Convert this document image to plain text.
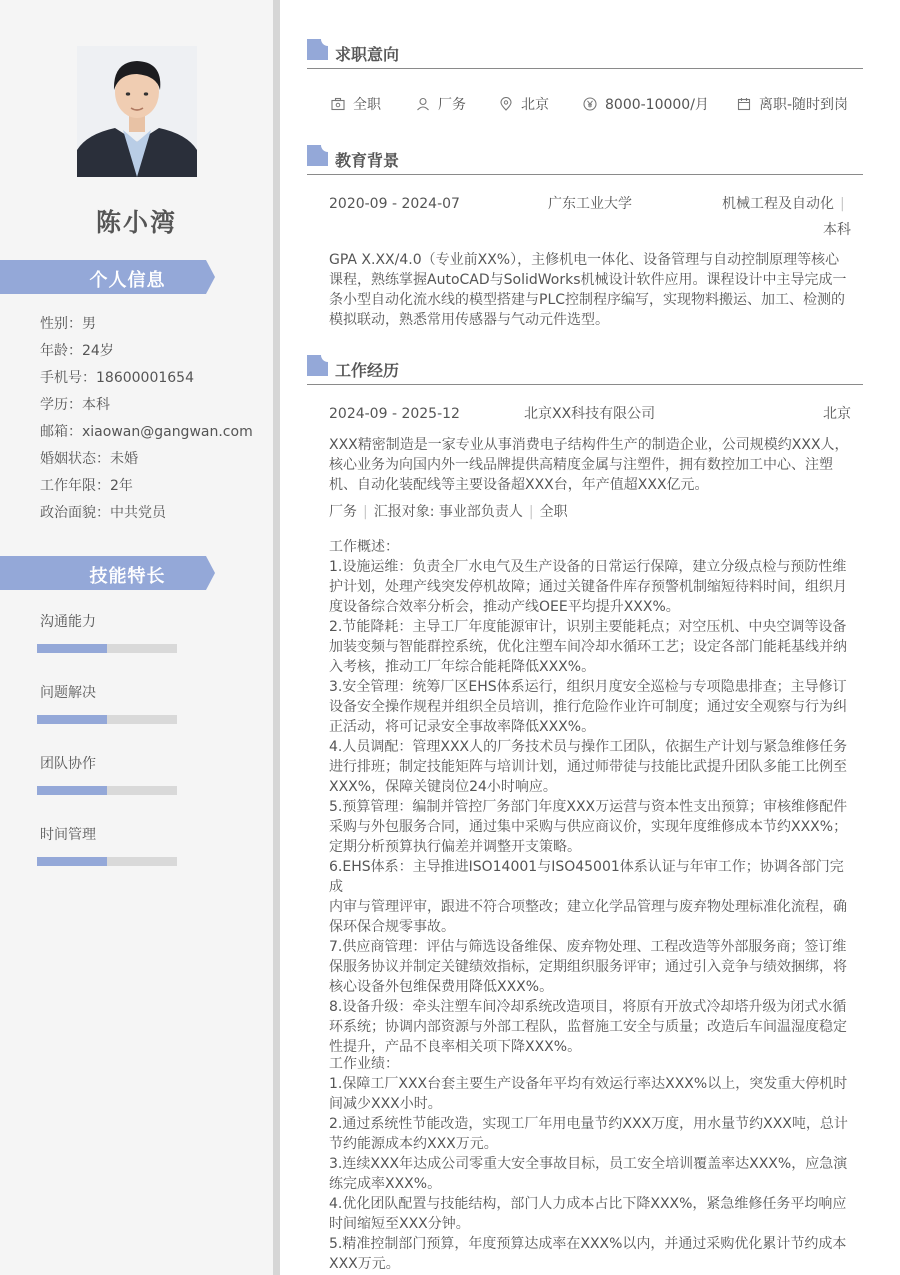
陈小湾
个人信息
性别：男
年龄：24岁
手机号：18600001654
学历：本科
邮箱：xiaowan@gangwan.com
婚姻状态：未婚
工作年限：2年
政治面貌：中共党员
技能特长
沟通能力
问题解决
团队协作
时间管理
求职意向
全职	厂务	北京	8000-10000/月	离职-随时到岗
教育背景
2020-09 - 2024-07	广东工业大学	机械工程及自动化 |
本科
GPA X.XX/4.0（专业前XX%），主修机电一体化、设备管理与自动控制原理等核心
课程，熟练掌握AutoCAD与SolidWorks机械设计软件应用。课程设计中主导完成一
条小型自动化流水线的模型搭建与PLC控制程序编写，实现物料搬运、加工、检测的
模拟联动，熟悉常用传感器与气动元件选型。
工作经历
2024-09 - 2025-12	北京XX科技有限公司	北京
XXX精密制造是一家专业从事消费电子结构件生产的制造企业，公司规模约XXX人，
核心业务为向国内外一线品牌提供高精度金属与注塑件，拥有数控加工中心、注塑
机、自动化装配线等主要设备超XXX台，年产值超XXX亿元。
厂务 | 汇报对象: 事业部负责人 | 全职
工作概述：
1.设施运维：负责全厂水电气及生产设备的日常运行保障，建立分级点检与预防性维
护计划，处理产线突发停机故障；通过关键备件库存预警机制缩短待料时间，组织月
度设备综合效率分析会，推动产线OEE平均提升XXX%。
2.节能降耗：主导工厂年度能源审计，识别主要能耗点；对空压机、中央空调等设备
加装变频与智能群控系统，优化注塑车间冷却水循环工艺；设定各部门能耗基线并纳
入考核，推动工厂年综合能耗降低XXX%。
3.安全管理：统筹厂区EHS体系运行，组织月度安全巡检与专项隐患排查；主导修订
设备安全操作规程并组织全员培训，推行危险作业许可制度；通过安全观察与行为纠
正活动，将可记录安全事故率降低XXX%。
4.人员调配：管理XXX人的厂务技术员与操作工团队，依据生产计划与紧急维修任务
进行排班；制定技能矩阵与培训计划，通过师带徒与技能比武提升团队多能工比例至
XXX%，保障关键岗位24小时响应。
5.预算管理：编制并管控厂务部门年度XXX万运营与资本性支出预算；审核维修配件
采购与外包服务合同，通过集中采购与供应商议价，实现年度维修成本节约XXX%；
定期分析预算执行偏差并调整开支策略。
6.EHS体系：主导推进ISO14001与ISO45001体系认证与年审工作；协调各部门完成
内审与管理评审，跟进不符合项整改；建立化学品管理与废弃物处理标准化流程，确
保环保合规零事故。
7.供应商管理：评估与筛选设备维保、废弃物处理、工程改造等外部服务商；签订维
保服务协议并制定关键绩效指标，定期组织服务评审；通过引入竞争与绩效捆绑，将
核心设备外包维保费用降低XXX%。
8.设备升级：牵头注塑车间冷却系统改造项目，将原有开放式冷却塔升级为闭式水循
环系统；协调内部资源与外部工程队，监督施工安全与质量；改造后车间温湿度稳定
性提升，产品不良率相关项下降XXX%。
工作业绩：
1.保障工厂XXX台套主要生产设备年平均有效运行率达XXX%以上，突发重大停机时
间减少XXX小时。
2.通过系统性节能改造，实现工厂年用电量节约XXX万度，用水量节约XXX吨，总计
节约能源成本约XXX万元。
3.连续XXX年达成公司零重大安全事故目标，员工安全培训覆盖率达XXX%，应急演
练完成率XXX%。
4.优化团队配置与技能结构，部门人力成本占比下降XXX%，紧急维修任务平均响应
时间缩短至XXX分钟。
5.精准控制部门预算，年度预算达成率在XXX%以内，并通过采购优化累计节约成本
XXX万元。
